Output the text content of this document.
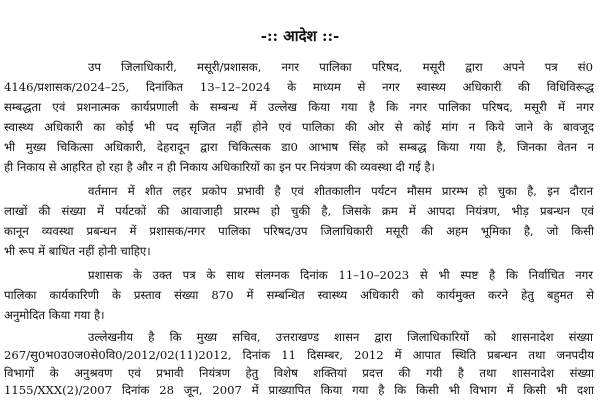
-:: आदेश ::-
उप जिलाधिकारी, मसूरी/प्रशासक, नगर पालिका परिषद, मसूरी द्वारा अपने पत्र सं0
4146/प्रशासक/2024–25, दिनांकित 13–12–2024 के माध्यम से नगर स्वास्थ्य अधिकारी की विधिविरूद्ध
सम्बद्धता एवं प्रशनात्मक कार्यप्रणाली के सम्बन्ध में उल्लेख किया गया है कि नगर पालिका परिषद, मसूरी में नगर
स्वास्थ्य अधिकारी का कोई भी पद सृजित नहीं होने एवं पालिका की ओर से कोई मांग न किये जाने के बावजूद
भी मुख्य चिकित्सा अधिकारी, देहरादून द्वारा चिकित्सक डा0 आभाष सिंह को सम्बद्ध किया गया है, जिनका वेतन न
ही निकाय से आहरित हो रहा है और न ही निकाय अधिकारियों का इन पर नियंत्रण की व्यवस्था दी गई है।
वर्तमान में शीत लहर प्रकोप प्रभावी है एवं शीतकालीन पर्यटन मौसम प्रारम्भ हो चुका है, इन दौरान
लाखों की संख्या में पर्यटकों की आवाजाही प्रारम्भ हो चुकी है, जिसके क्रम में आपदा नियंत्रण, भीड़ प्रबन्धन एवं
कानून व्यवस्था प्रबन्धन में प्रशासक/नगर पालिका परिषद/उप जिलाधिकारी मसूरी की अहम भूमिका है, जो किसी
भी रूप में बाधित नहीं होनी चाहिए।
प्रशासक के उक्त पत्र के साथ संलग्नक दिनांक 11–10–2023 से भी स्पष्ट है कि निर्वाचित नगर
पालिका कार्यकारिणी के प्रस्ताव संख्या 870 में सम्बन्धित स्वास्थ्य अधिकारी को कार्यमुक्त करने हेतु बहुमत से
अनुमोदित किया गया है।
उल्लेखनीय है कि मुख्य सचिव, उत्तराखण्ड शासन द्वारा जिलाधिकारियों को शासनादेश संख्या
267/सु0भ0उ0ज0से0वि0/2012/02(11)2012, दिनांक 11 दिसम्बर, 2012 में आपात स्थिति प्रबन्धन तथा जनपदीय
विभागों के अनुश्रवण एवं प्रभावी नियंत्रण हेतु विशेष शक्तियां प्रदत्त की गयी है तथा शासनादेश संख्या
1155/XXX(2)/2007 दिनांक 28 जून, 2007 में प्राख्यापित किया गया है कि किसी भी विभाग में किसी भी दशा
